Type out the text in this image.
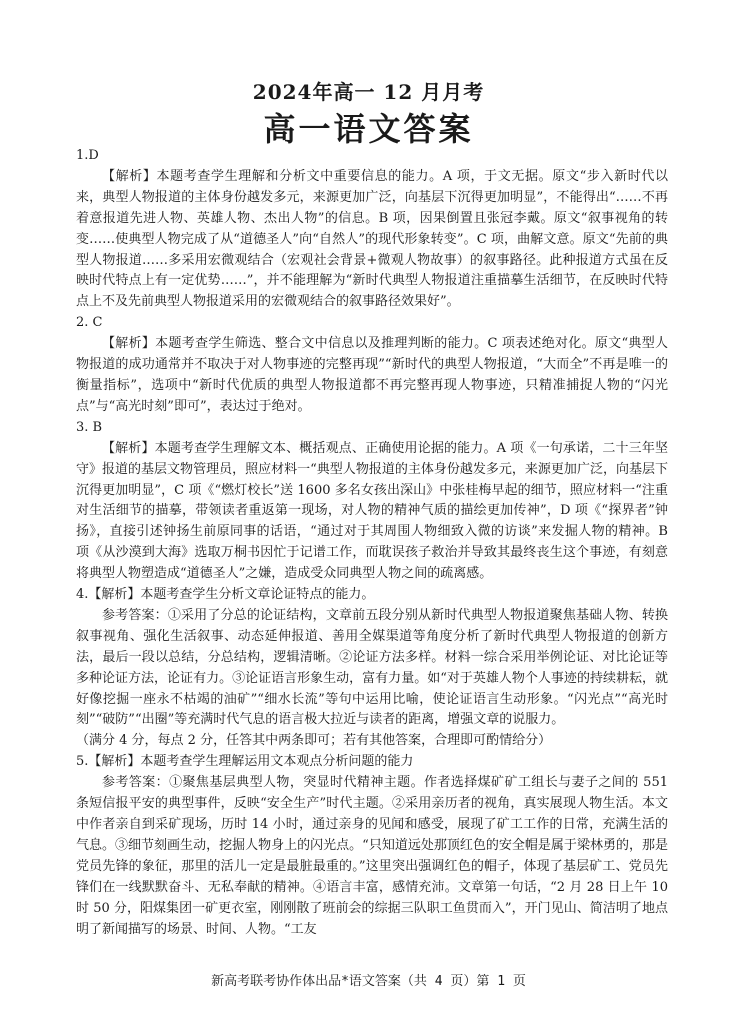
2024年高一 12 月月考
高一语文答案

1.D

【解析】本题考查学生理解和分析文中重要信息的能力。A 项，于文无据。原文“步入新时代以来，典型人物报道的主体身份越发多元，来源更加广泛，向基层下沉得更加明显”，不能得出“……不再着意报道先进人物、英雄人物、杰出人物”的信息。B 项，因果倒置且张冠李戴。原文“叙事视角的转变……使典型人物完成了从“道德圣人”向“自然人”的现代形象转变”。C 项，曲解文意。原文“先前的典型人物报道……多采用宏微观结合（宏观社会背景+微观人物故事）的叙事路径。此种报道方式虽在反映时代特点上有一定优势……”，并不能理解为“新时代典型人物报道注重描摹生活细节，在反映时代特点上不及先前典型人物报道采用的宏微观结合的叙事路径效果好”。

2. C

【解析】本题考查学生筛选、整合文中信息以及推理判断的能力。C 项表述绝对化。原文“典型人物报道的成功通常并不取决于对人物事迹的完整再现”“新时代的典型人物报道，“大而全”不再是唯一的衡量指标”，选项中“新时代优质的典型人物报道都不再完整再现人物事迹，只精准捕捉人物的“闪光点”与“高光时刻”即可”，表达过于绝对。

3. B

【解析】本题考查学生理解文本、概括观点、正确使用论据的能力。A 项《一句承诺，二十三年坚守》报道的基层文物管理员，照应材料一“典型人物报道的主体身份越发多元，来源更加广泛，向基层下沉得更加明显”，C 项《“燃灯校长”送 1600 多名女孩出深山》中张桂梅早起的细节，照应材料一“注重对生活细节的描摹，带领读者重返第一现场，对人物的精神气质的描绘更加传神”，D 项《“探界者”钟扬》，直接引述钟扬生前原同事的话语，“通过对于其周围人物细致入微的访谈”来发掘人物的精神。B 项《从沙漠到大海》选取万桐书因忙于记谱工作，而耽误孩子救治并导致其最终丧生这个事迹，有刻意将典型人物塑造成“道德圣人”之嫌，造成受众同典型人物之间的疏离感。

4.【解析】本题考查学生分析文章论证特点的能力。

参考答案：①采用了分总的论证结构，文章前五段分别从新时代典型人物报道聚焦基础人物、转换叙事视角、强化生活叙事、动态延伸报道、善用全媒渠道等角度分析了新时代典型人物报道的创新方法，最后一段以总结，分总结构，逻辑清晰。②论证方法多样。材料一综合采用举例论证、对比论证等多种论证方法，论证有力。③论证语言形象生动，富有力量。如“对于英雄人物个人事迹的持续耕耘，就好像挖掘一座永不枯竭的油矿”“细水长流”等句中运用比喻，使论证语言生动形象。“闪光点”“高光时刻”“破防”“出圈”等充满时代气息的语言极大拉近与读者的距离，增强文章的说服力。

（满分 4 分，每点 2 分，任答其中两条即可；若有其他答案，合理即可酌情给分）

5.【解析】本题考查学生理解运用文本观点分析问题的能力

参考答案：①聚焦基层典型人物，突显时代精神主题。作者选择煤矿矿工组长与妻子之间的 551 条短信报平安的典型事件，反映“安全生产”时代主题。②采用亲历者的视角，真实展现人物生活。本文中作者亲自到采矿现场，历时 14 小时，通过亲身的见闻和感受，展现了矿工工作的日常，充满生活的气息。③细节刻画生动，挖掘人物身上的闪光点。“只知道远处那顶红色的安全帽是属于梁林勇的，那是党员先锋的象征，那里的活儿一定是最脏最重的。”这里突出强调红色的帽子，体现了基层矿工、党员先锋们在一线默默奋斗、无私奉献的精神。④语言丰富，感情充沛。文章第一句话，“2 月 28 日上午 10 时 50 分，阳煤集团一矿更衣室，刚刚散了班前会的综据三队职工鱼贯而入”，开门见山、简洁明了地点明了新闻描写的场景、时间、人物。“工友

新高考联考协作体出品*语文答案（共 4 页）第 1 页
